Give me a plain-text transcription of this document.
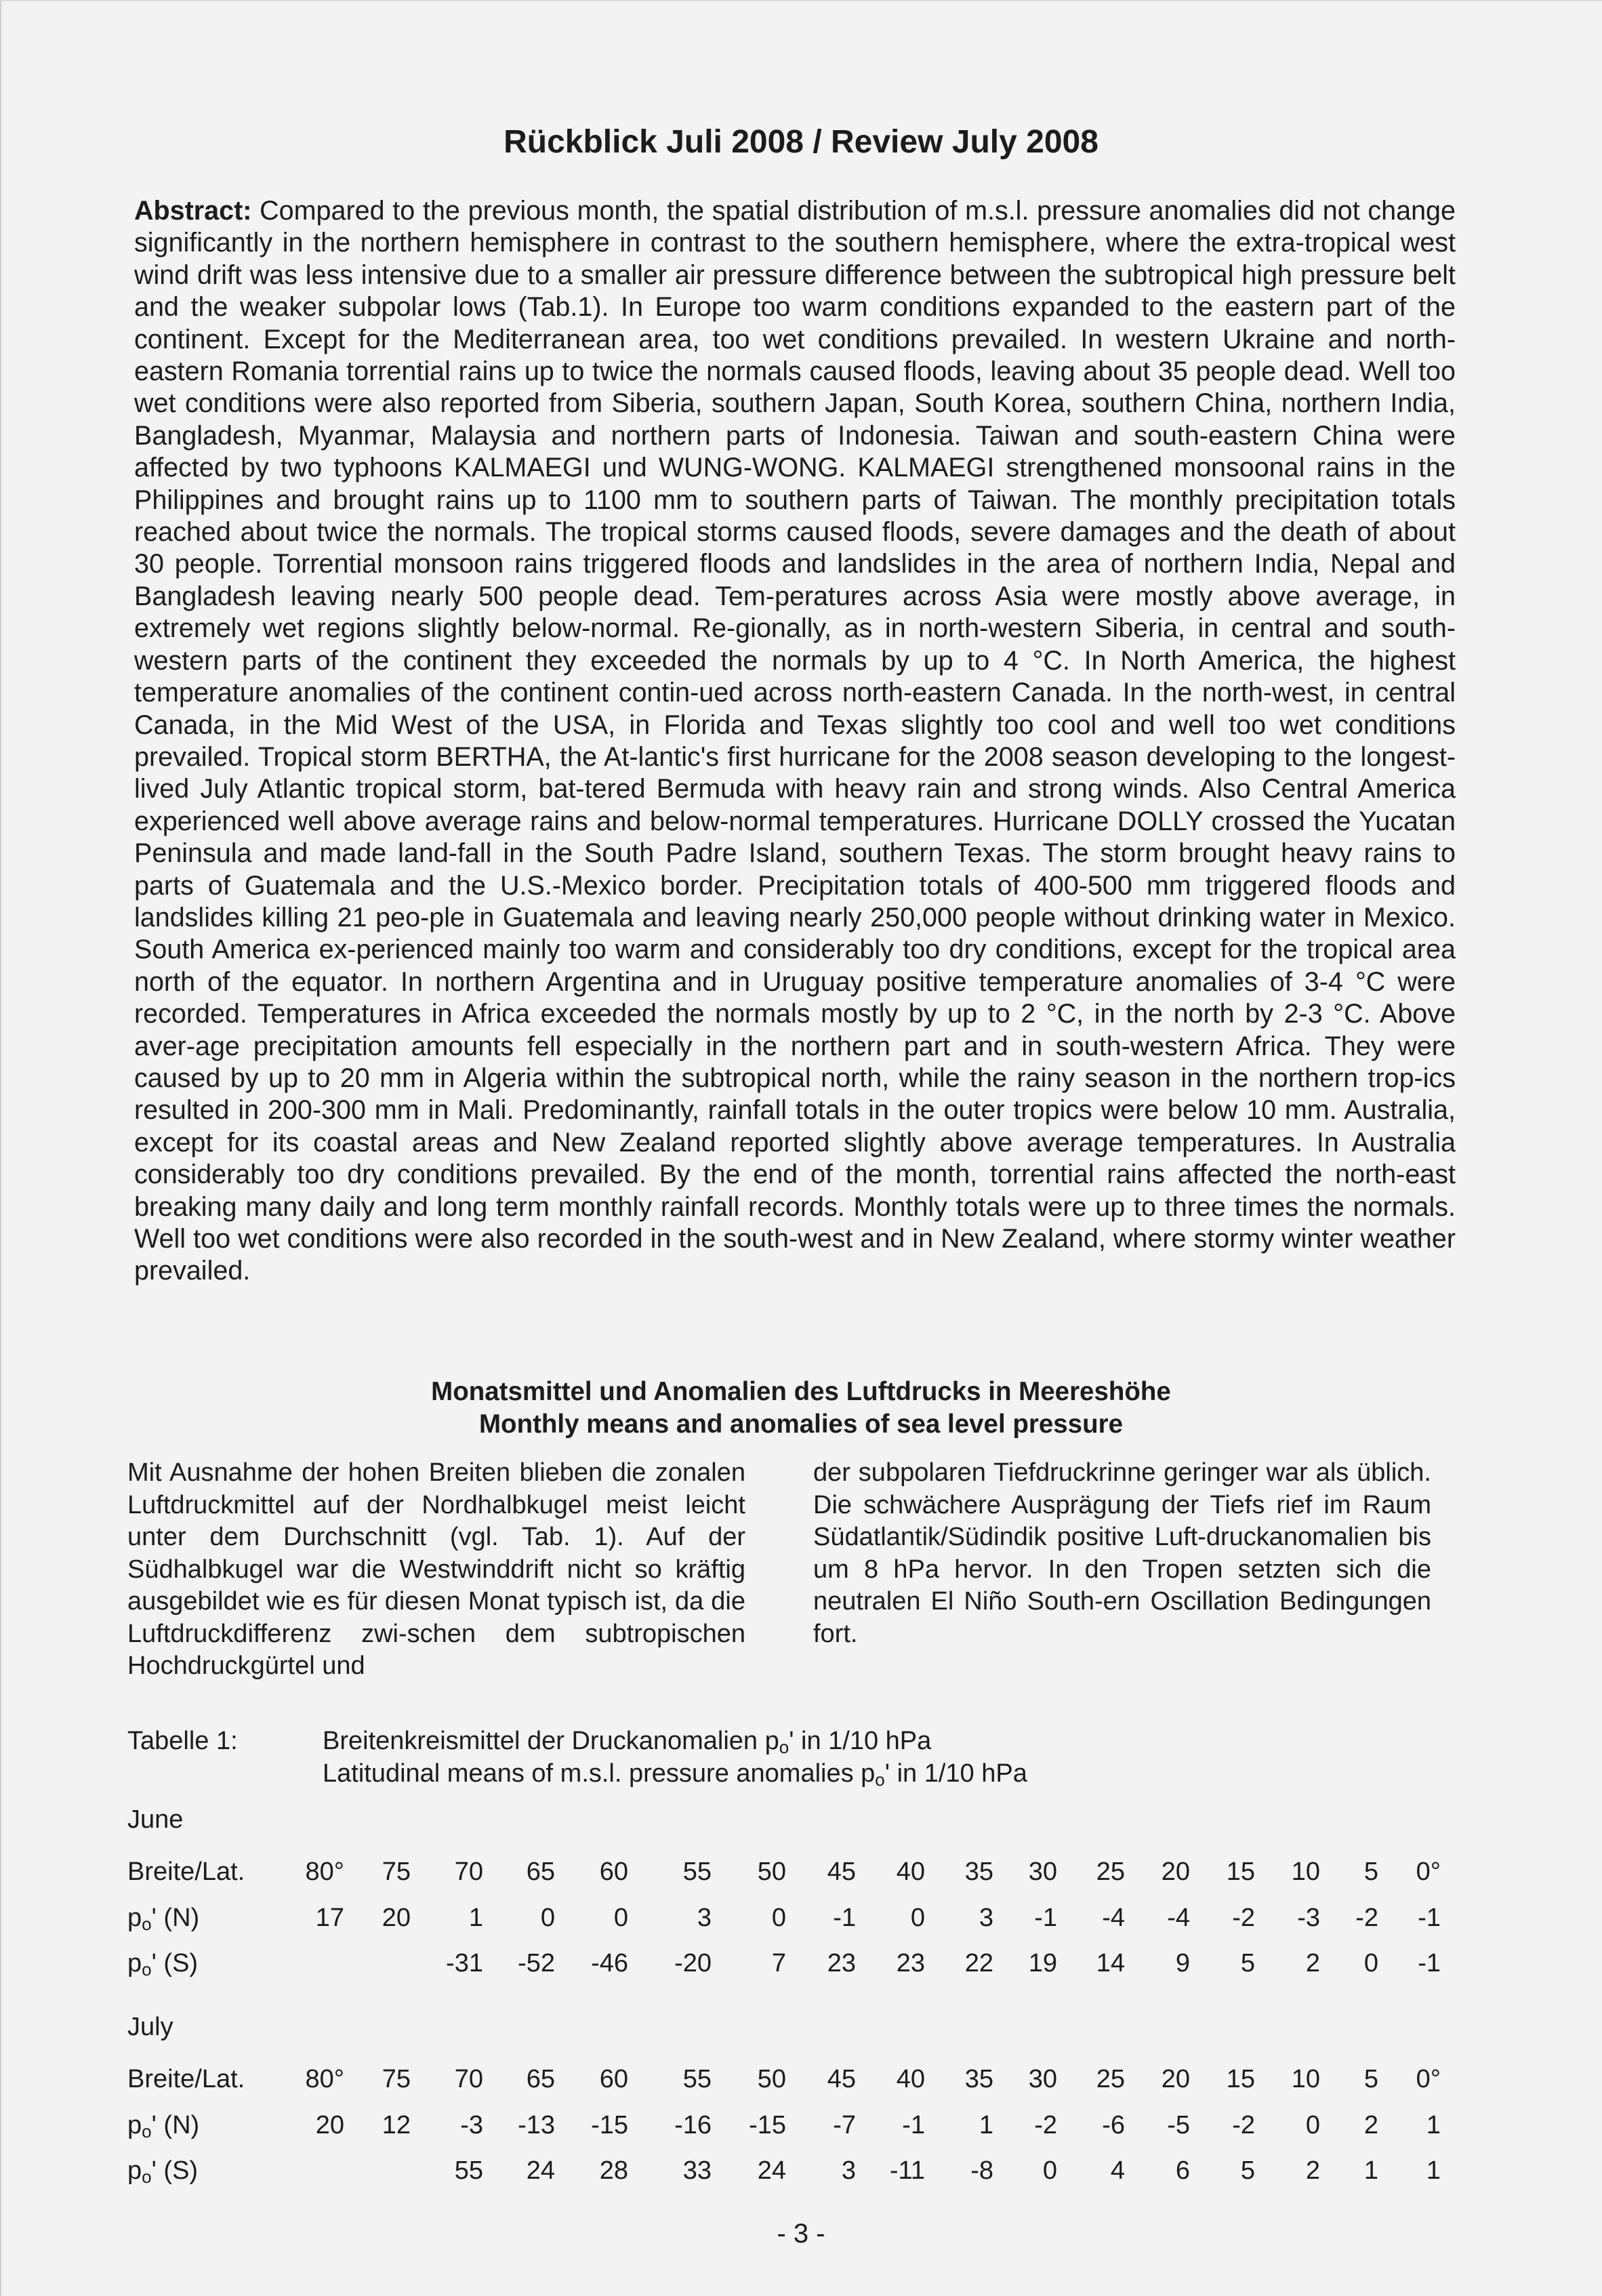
Rückblick Juli 2008 / Review July 2008
Abstract: Compared to the previous month, the spatial distribution of m.s.l. pressure anomalies did not change significantly in the northern hemisphere in contrast to the southern hemisphere, where the extra-tropical west wind drift was less intensive due to a smaller air pressure difference between the subtropical high pressure belt and the weaker subpolar lows (Tab.1). In Europe too warm conditions expanded to the eastern part of the continent. Except for the Mediterranean area, too wet conditions prevailed. In western Ukraine and north-eastern Romania torrential rains up to twice the normals caused floods, leaving about 35 people dead. Well too wet conditions were also reported from Siberia, southern Japan, South Korea, southern China, northern India, Bangladesh, Myanmar, Malaysia and northern parts of Indonesia. Taiwan and south-eastern China were affected by two typhoons KALMAEGI und WUNG-WONG. KALMAEGI strengthened monsoonal rains in the Philippines and brought rains up to 1100 mm to southern parts of Taiwan. The monthly precipitation totals reached about twice the normals. The tropical storms caused floods, severe damages and the death of about 30 people. Torrential monsoon rains triggered floods and landslides in the area of northern India, Nepal and Bangladesh leaving nearly 500 people dead. Tem-peratures across Asia were mostly above average, in extremely wet regions slightly below-normal. Re-gionally, as in north-western Siberia, in central and south-western parts of the continent they exceeded the normals by up to 4 °C. In North America, the highest temperature anomalies of the continent contin-ued across north-eastern Canada. In the north-west, in central Canada, in the Mid West of the USA, in Florida and Texas slightly too cool and well too wet conditions prevailed. Tropical storm BERTHA, the At-lantic's first hurricane for the 2008 season developing to the longest-lived July Atlantic tropical storm, bat-tered Bermuda with heavy rain and strong winds. Also Central America experienced well above average rains and below-normal temperatures. Hurricane DOLLY crossed the Yucatan Peninsula and made land-fall in the South Padre Island, southern Texas. The storm brought heavy rains to parts of Guatemala and the U.S.-Mexico border. Precipitation totals of 400-500 mm triggered floods and landslides killing 21 peo-ple in Guatemala and leaving nearly 250,000 people without drinking water in Mexico. South America ex-perienced mainly too warm and considerably too dry conditions, except for the tropical area north of the equator. In northern Argentina and in Uruguay positive temperature anomalies of 3-4 °C were recorded. Temperatures in Africa exceeded the normals mostly by up to 2 °C, in the north by 2-3 °C. Above aver-age precipitation amounts fell especially in the northern part and in south-western Africa. They were caused by up to 20 mm in Algeria within the subtropical north, while the rainy season in the northern trop-ics resulted in 200-300 mm in Mali. Predominantly, rainfall totals in the outer tropics were below 10 mm. Australia, except for its coastal areas and New Zealand reported slightly above average temperatures. In Australia considerably too dry conditions prevailed. By the end of the month, torrential rains affected the north-east breaking many daily and long term monthly rainfall records. Monthly totals were up to three times the normals. Well too wet conditions were also recorded in the south-west and in New Zealand, where stormy winter weather prevailed.
Monatsmittel und Anomalien des Luftdrucks in Meereshöhe
Monthly means and anomalies of sea level pressure
Mit Ausnahme der hohen Breiten blieben die zonalen Luftdruckmittel auf der Nordhalbkugel meist leicht unter dem Durchschnitt (vgl. Tab. 1). Auf der Südhalbkugel war die Westwinddrift nicht so kräftig ausgebildet wie es für diesen Monat typisch ist, da die Luftdruckdifferenz zwi-schen dem subtropischen Hochdruckgürtel und
der subpolaren Tiefdruckrinne geringer war als üblich. Die schwächere Ausprägung der Tiefs rief im Raum Südatlantik/Südindik positive Luft-druckanomalien bis um 8 hPa hervor. In den Tropen setzten sich die neutralen El Niño South-ern Oscillation Bedingungen fort.
Tabelle 1:	Breitenkreismittel der Druckanomalien $p_o'$ in 1/10 hPa
Latitudinal means of m.s.l. pressure anomalies $p_o'$ in 1/10 hPa
June
Breite/Lat.
$p_o'$ (N)
$p_o'$ (S)
80°
17
75
20
70
1
-31
65
0
-52
60
0
-46
55
3
-20
50
0
7
45
-1
23
40
0
23
35
3
22
30
-1
19
25
-4
14
20
-4
9
15
-2
5
10
-3
2
5
-2
0
0°
-1
-1
July
Breite/Lat.
$p_o'$ (N)
$p_o'$ (S)
80°
20
75
12
70
-3
55
65
-13
24
60
-15
28
55
-16
33
50
-15
24
45
-7
3
40
-1
-11
35
1
-8
30
-2
0
25
-6
4
20
-5
6
15
-2
5
10
0
2
5
2
1
0°
1
1
- 3 -
